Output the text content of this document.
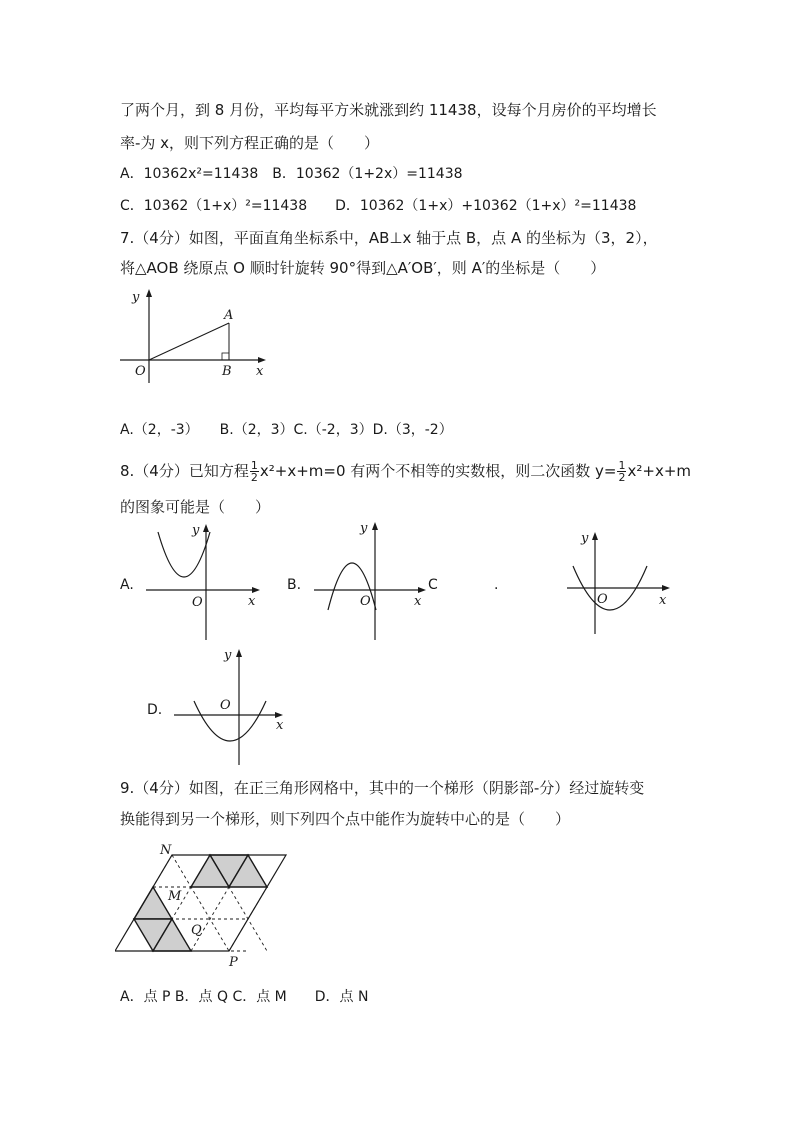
了两个月，到 8 月份，平均每平方米就涨到约 11438，设每个月房价的平均增长
率-为 x，则下列方程正确的是（　　）
A．10362x²=11438　B．10362（1+2x）=11438
C．10362（1+x）²=11438　　D．10362（1+x）+10362（1+x）²=11438
7.（4分）如图，平面直角坐标系中，AB⊥x 轴于点 B，点 A 的坐标为（3，2），
将△AOB 绕原点 O 顺时针旋转 90°得到△A′OB′，则 A′的坐标是（　　）
y
x
O
A
B
A.（2，-3）　　B.（2，3）C.（-2，3）D.（3，-2）
8.（4分）已知方程 $\frac{1}{2} x^2+x+m=0$ 有两个不相等的实数根，则二次函数 $y= \frac{1}{2} x^2+x+m$
的图象可能是（　　）
A.
y
x
O
B.
y
x
O
C	.
y
x
O
D.
y
x
O
9.（4分）如图，在正三角形网格中，其中的一个梯形（阴影部-分）经过旋转变
换能得到另一个梯形，则下列四个点中能作为旋转中心的是（　　）
N
M
Q
P
A．点 P B．点 Q C．点 M　　D．点 N
